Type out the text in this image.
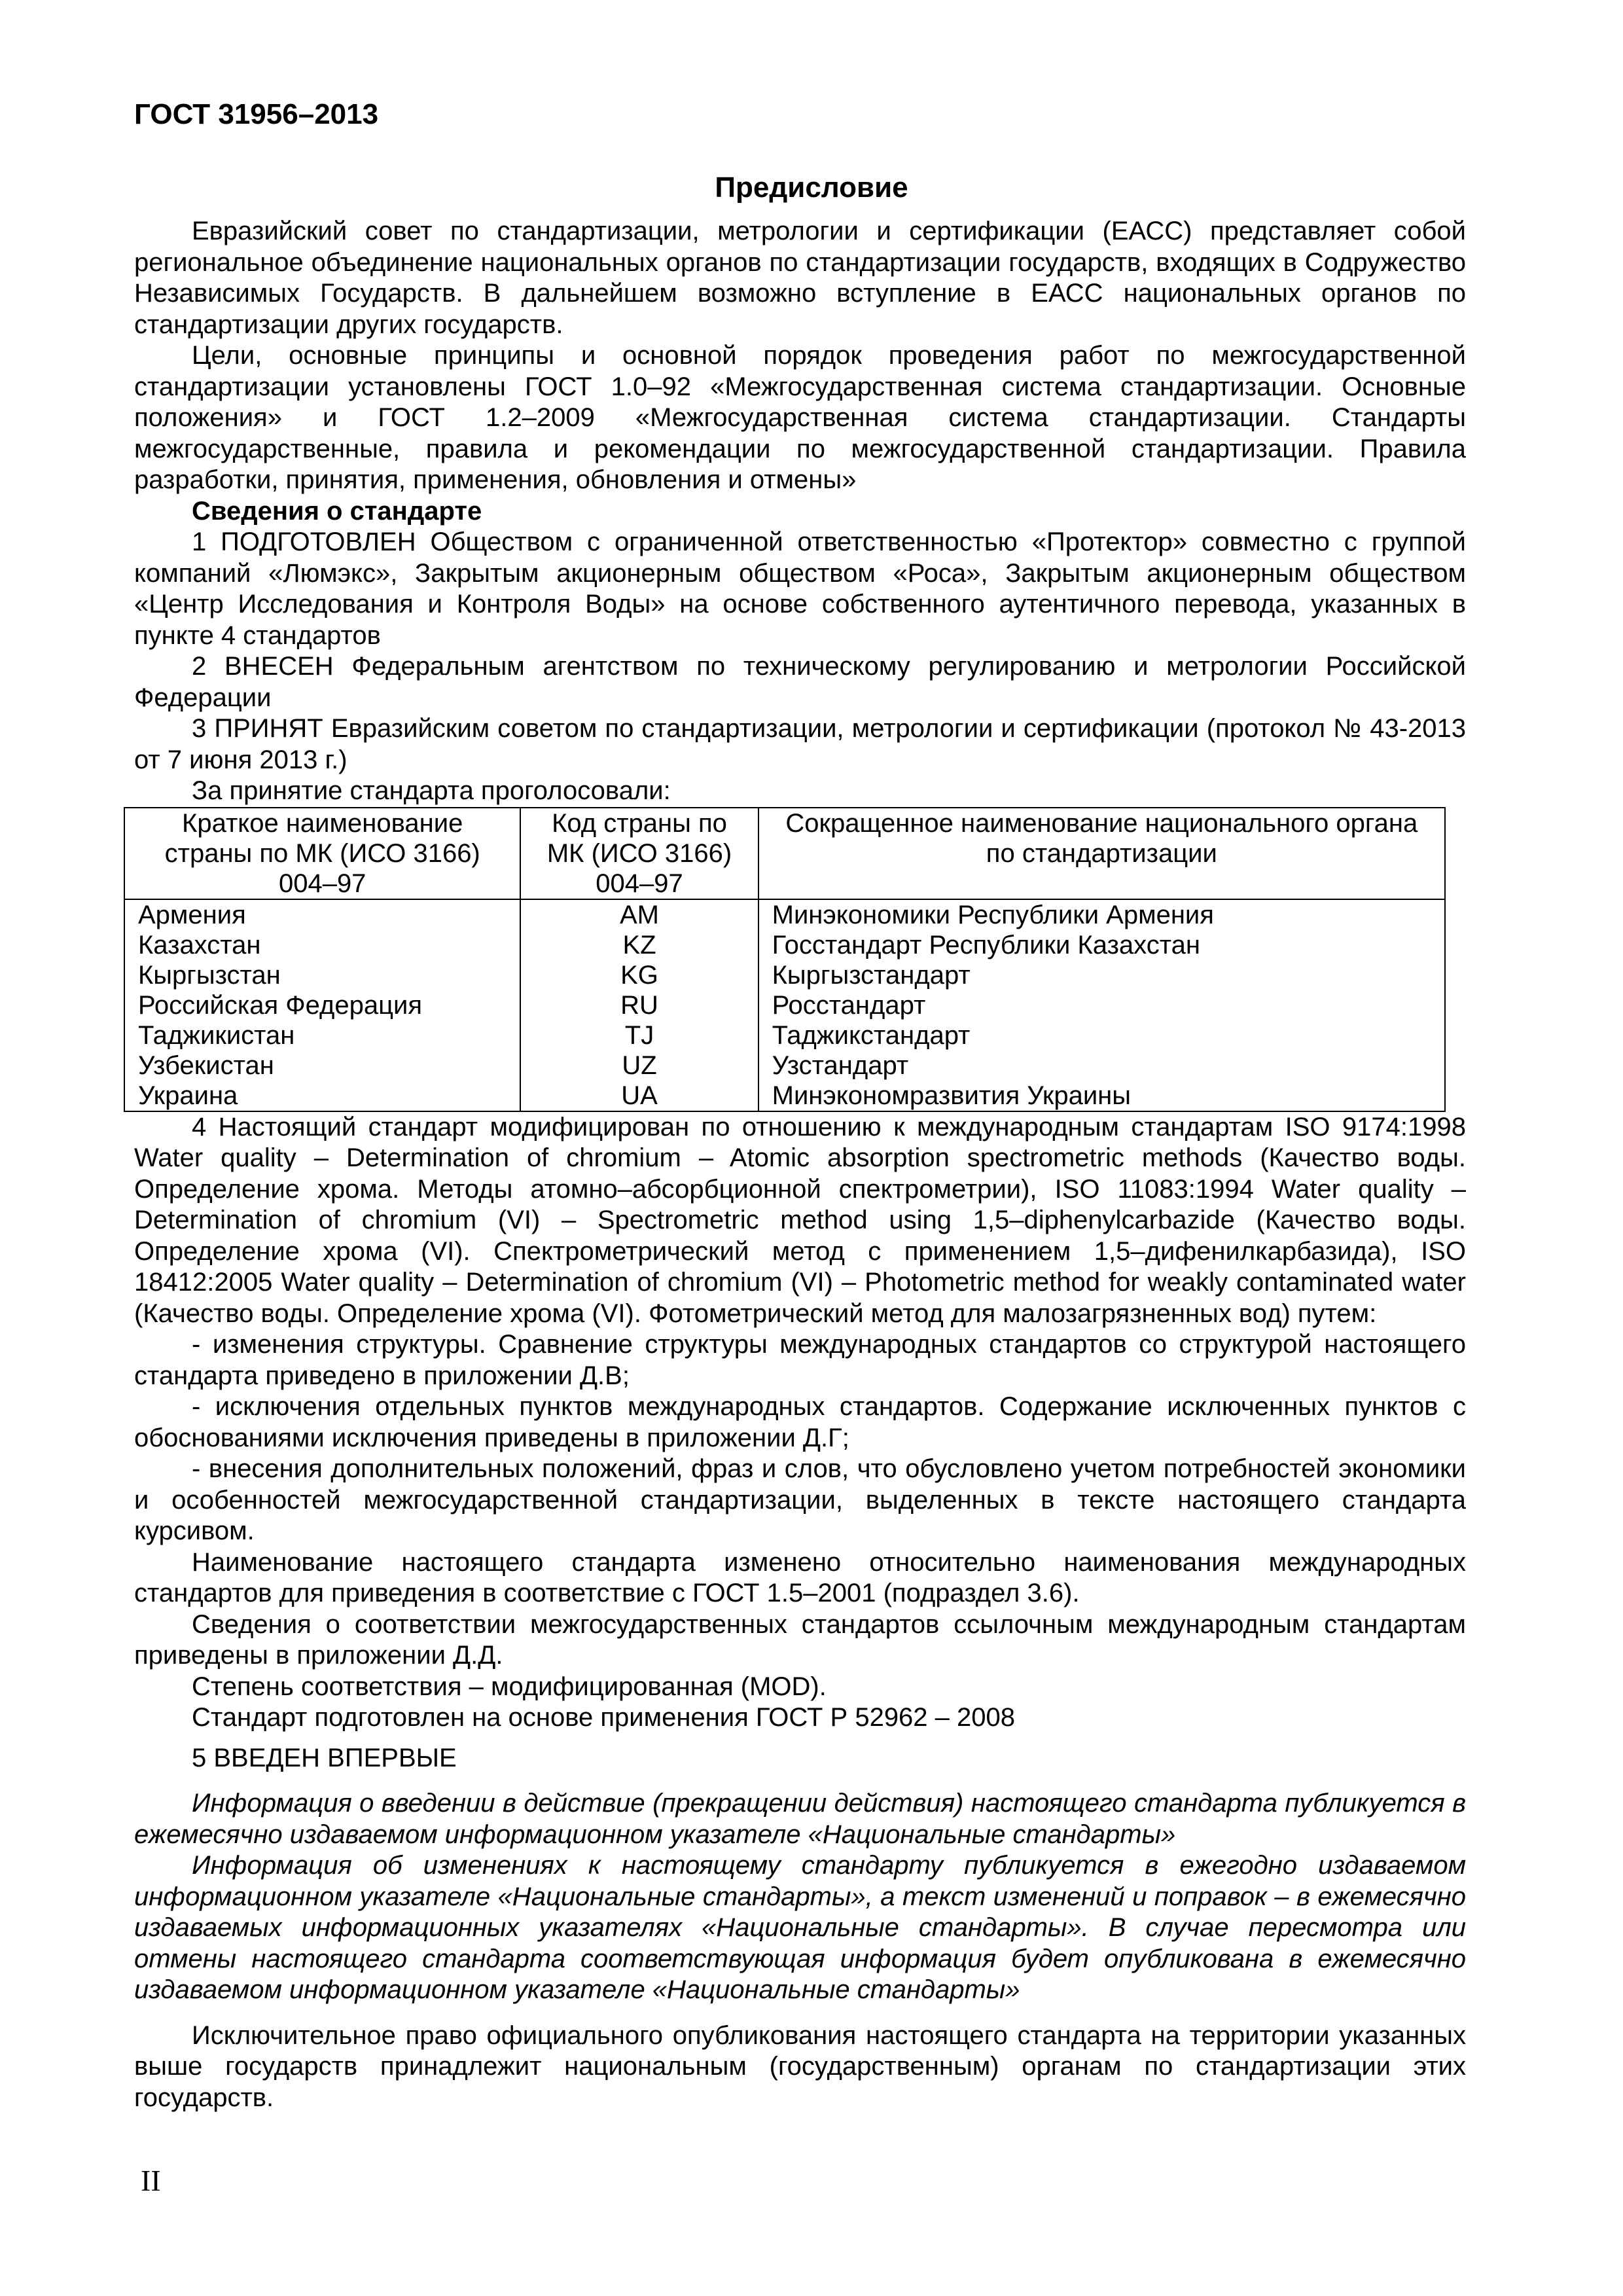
ГОСТ 31956–2013
Предисловие

Евразийский совет по стандартизации, метрологии и сертификации (ЕАСС) представляет собой региональное объединение национальных органов по стандартизации государств, входящих в Содружество Независимых Государств. В дальнейшем возможно вступление в ЕАСС национальных органов по стандартизации других государств.

Цели, основные принципы и основной порядок проведения работ по межгосударственной стандартизации установлены ГОСТ 1.0–92 «Межгосударственная система стандартизации. Основные положения» и ГОСТ 1.2–2009 «Межгосударственная система стандартизации. Стандарты межгосударственные, правила и рекомендации по межгосударственной стандартизации. Правила разработки, принятия, применения, обновления и отмены»

Сведения о стандарте

1 ПОДГОТОВЛЕН Обществом с ограниченной ответственностью «Протектор» совместно с группой компаний «Люмэкс», Закрытым акционерным обществом «Роса», Закрытым акционерным обществом «Центр Исследования и Контроля Воды» на основе собственного аутентичного перевода, указанных в пункте 4 стандартов

2 ВНЕСЕН Федеральным агентством по техническому регулированию и метрологии Российской Федерации

3 ПРИНЯТ Евразийским советом по стандартизации, метрологии и сертификации (протокол № 43-2013 от 7 июня 2013 г.)

За принятие стандарта проголосовали:

Краткое наименование страны по МК (ИСО 3166) 004–97	Код страны по МК (ИСО 3166) 004–97	Сокращенное наименование национального органа по стандартизации
Армения	AM	Минэкономики Республики Армения
Казахстан	KZ	Госстандарт Республики Казахстан
Кыргызстан	KG	Кыргызстандарт
Российская Федерация	RU	Росстандарт
Таджикистан	TJ	Таджикстандарт
Узбекистан	UZ	Узстандарт
Украина	UA	Минэкономразвития Украины

4 Настоящий стандарт модифицирован по отношению к международным стандартам ISO 9174:1998 Water quality – Determination of chromium – Atomic absorption spectrometric methods (Качество воды. Определение хрома. Методы атомно–абсорбционной спектрометрии), ISO 11083:1994 Water quality – Determination of chromium (VI) – Spectrometric method using 1,5–diphenylcarbazide (Качество воды. Определение хрома (VI). Спектрометрический метод с применением 1,5–дифенилкарбазида), ISO 18412:2005 Water quality – Determination of chromium (VI) – Photometric method for weakly contaminated water (Качество воды. Определение хрома (VI). Фотометрический метод для малозагрязненных вод) путем:

- изменения структуры. Сравнение структуры международных стандартов со структурой настоящего стандарта приведено в приложении Д.В;

- исключения отдельных пунктов международных стандартов. Содержание исключенных пунктов с обоснованиями исключения приведены в приложении Д.Г;

- внесения дополнительных положений, фраз и слов, что обусловлено учетом потребностей экономики и особенностей межгосударственной стандартизации, выделенных в тексте настоящего стандарта курсивом.

Наименование настоящего стандарта изменено относительно наименования международных стандартов для приведения в соответствие с ГОСТ 1.5–2001 (подраздел 3.6).

Сведения о соответствии межгосударственных стандартов ссылочным международным стандартам приведены в приложении Д.Д.

Степень соответствия – модифицированная (MOD).

Стандарт подготовлен на основе применения ГОСТ Р 52962 – 2008

5 ВВЕДЕН ВПЕРВЫЕ

Информация о введении в действие (прекращении действия) настоящего стандарта публикуется в ежемесячно издаваемом информационном указателе «Национальные стандарты»

Информация об изменениях к настоящему стандарту публикуется в ежегодно издаваемом информационном указателе «Национальные стандарты», а текст изменений и поправок – в ежемесячно издаваемых информационных указателях «Национальные стандарты». В случае пересмотра или отмены настоящего стандарта соответствующая информация будет опубликована в ежемесячно издаваемом информационном указателе «Национальные стандарты»

Исключительное право официального опубликования настоящего стандарта на территории указанных выше государств принадлежит национальным (государственным) органам по стандартизации этих государств.

II
